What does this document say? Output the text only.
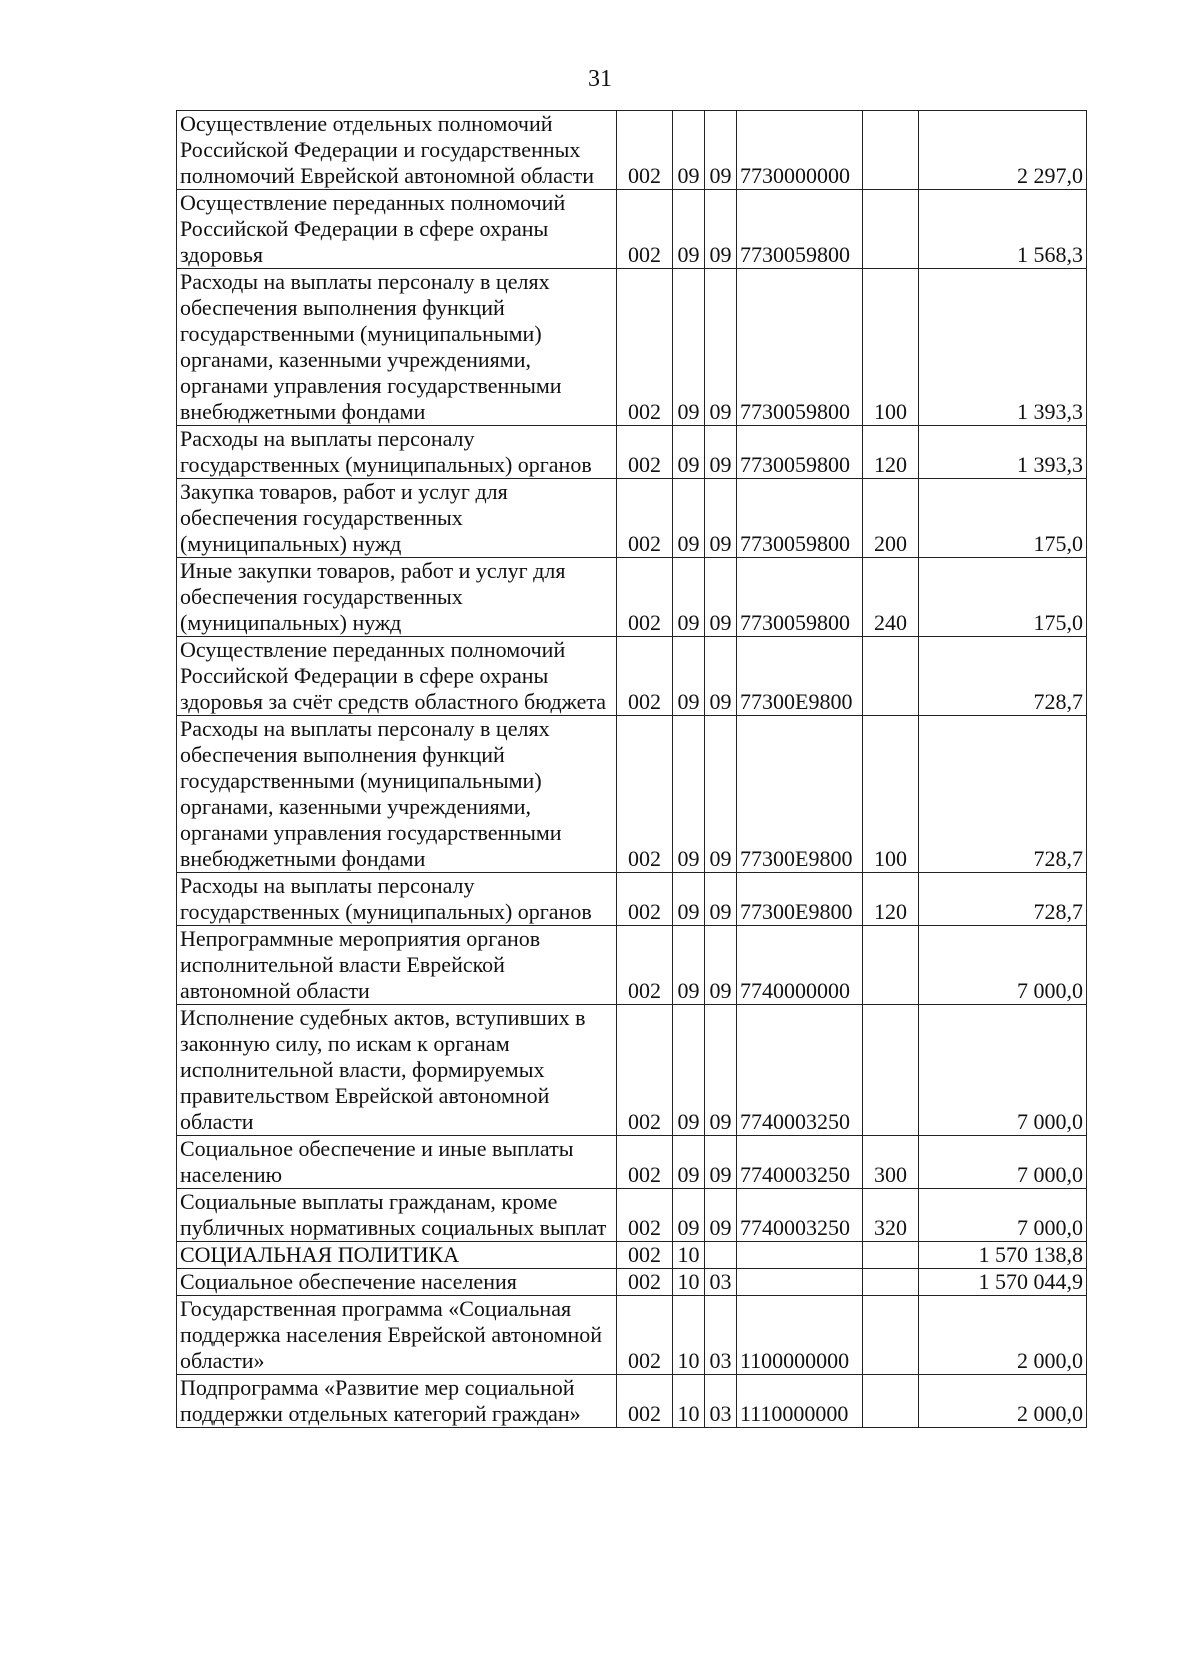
31
Осуществление отдельных полномочий Российской Федерации и государственных полномочий Еврейской автономной области	002	09	09	7730000000		2 297,0
Осуществление переданных полномочий Российской Федерации в сфере охраны здоровья	002	09	09	7730059800		1 568,3
Расходы на выплаты персоналу в целях обеспечения выполнения функций государственными (муниципальными) органами, казенными учреждениями, органами управления государственными внебюджетными фондами	002	09	09	7730059800	100	1 393,3
Расходы на выплаты персоналу государственных (муниципальных) органов	002	09	09	7730059800	120	1 393,3
Закупка товаров, работ и услуг для обеспечения государственных (муниципальных) нужд	002	09	09	7730059800	200	175,0
Иные закупки товаров, работ и услуг для обеспечения государственных (муниципальных) нужд	002	09	09	7730059800	240	175,0
Осуществление переданных полномочий Российской Федерации в сфере охраны здоровья за счёт средств областного бюджета	002	09	09	77300Е9800		728,7
Расходы на выплаты персоналу в целях обеспечения выполнения функций государственными (муниципальными) органами, казенными учреждениями, органами управления государственными внебюджетными фондами	002	09	09	77300Е9800	100	728,7
Расходы на выплаты персоналу государственных (муниципальных) органов	002	09	09	77300Е9800	120	728,7
Непрограммные мероприятия органов исполнительной власти Еврейской автономной области	002	09	09	7740000000		7 000,0
Исполнение судебных актов, вступивших в законную силу, по искам к органам исполнительной власти, формируемых правительством Еврейской автономной области	002	09	09	7740003250		7 000,0
Социальное обеспечение и иные выплаты населению	002	09	09	7740003250	300	7 000,0
Социальные выплаты гражданам, кроме публичных нормативных социальных выплат	002	09	09	7740003250	320	7 000,0
СОЦИАЛЬНАЯ ПОЛИТИКА	002	10				1 570 138,8
Социальное обеспечение населения	002	10	03			1 570 044,9
Государственная программа «Социальная поддержка населения Еврейской автономной области»	002	10	03	1100000000		2 000,0
Подпрограмма «Развитие мер социальной поддержки отдельных категорий граждан»	002	10	03	1110000000		2 000,0
